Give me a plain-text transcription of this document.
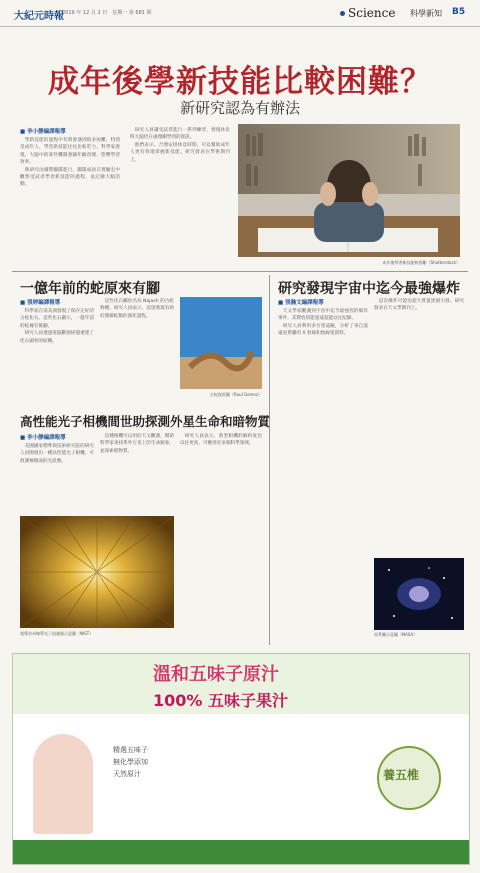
大紀元時報
2019 年 12 月 2 日　星期一 第 681 期	Science 科學新知 B5
成年後學新技能比較困難？
新研究認為有辦法
■ 李小靜編譯報導
　學新技能的過程中有時會遇到很多困難，特別是成年人，學習新技能往往比較吃力。科學家發現，大腦中的某些機制會隨年齡改變，影響學習效率。
　新研究由國際團隊進行，團隊成員在實驗室中觀察受試者學習新技能的過程，並記錄大腦活動。
　研究人員讓受試者進行一系列練習，發現休息時大腦仍在處理剛學到的資訊。
　他們表示，合理安排休息時間，可以幫助成年人更有效地掌握新技能。研究發表在學術期刊上。
成年後學習新技能較困難（Shutterstock）
一億年前的蛇原來有腳
■ 張婷編譯報導
　科學家在南美洲發現了保存完好的古蛇化石，這些化石顯示，一億年前的蛇擁有後腳。
　研究人員透過電腦斷層掃描重建了化石頭骨的結構。
　這些化石屬於名為 Najash 的古蛇物種。研究人員表示，這項發現有助於理解蛇類的演化過程。
古蛇復原圖（Raul Gomez）
高性能光子相機間世助探測外星生命和暗物質
■ 李小靜編譯報導
　美國國家標準與技術研究院的研究人員開發出一種高性能光子相機，可偵測極微弱的光訊號。
　這種相機可以用於天文觀測，幫助科學家尋找系外行星上的生命跡象，並探索暗物質。
　研究人員表示，新型相機的解析度比以往更高，可應用於多個科學領域。
超導奈米線單光子偵測器示意圖（NIST）
研究發現宇宙中迄今最強爆炸
■ 張瀚文編譯報導
　天文學家觀測到宇宙中迄今最強烈的爆炸事件，其釋放的能量遠超過以往紀錄。
　研究人員利用多台望遠鏡，分析了來自遙遠星系團的 X 射線和無線電資料。
　這次爆炸可能由超大質量黑洞引發。研究發表在天文學期刊上。
星系團示意圖（NASA）
溫和五味子原汁
100% 五味子果汁
養五椎
精選五味子
無化學添加
天然原汁
